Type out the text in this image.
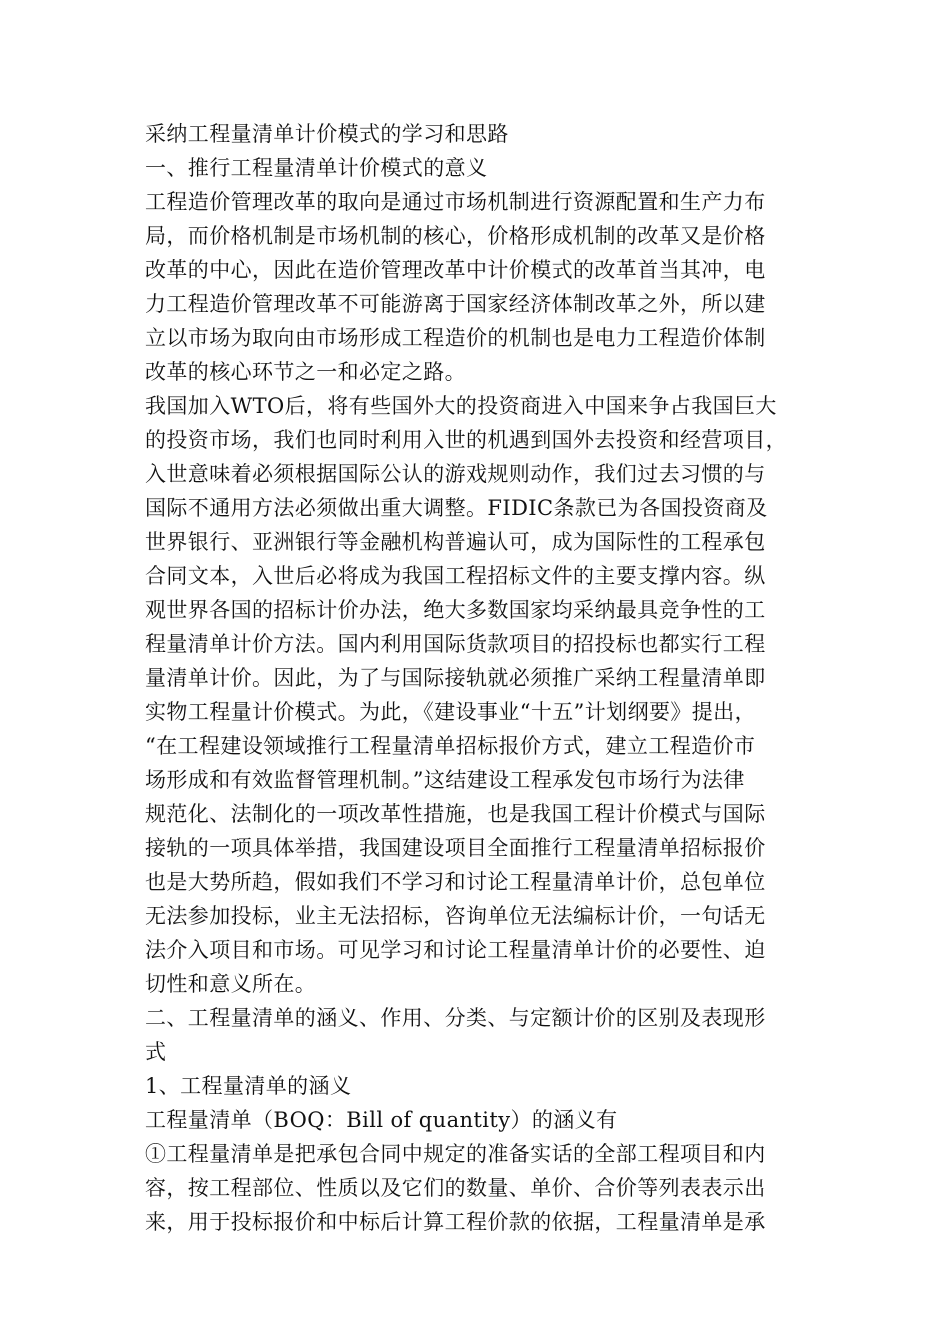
采纳工程量清单计价模式的学习和思路
一、推行工程量清单计价模式的意义
工程造价管理改革的取向是通过市场机制进行资源配置和生产力布
局，而价格机制是市场机制的核心，价格形成机制的改革又是价格
改革的中心，因此在造价管理改革中计价模式的改革首当其冲，电
力工程造价管理改革不可能游离于国家经济体制改革之外，所以建
立以市场为取向由市场形成工程造价的机制也是电力工程造价体制
改革的核心环节之一和必定之路。
我国加入WTO后，将有些国外大的投资商进入中国来争占我国巨大
的投资市场，我们也同时利用入世的机遇到国外去投资和经营项目，
入世意味着必须根据国际公认的游戏规则动作，我们过去习惯的与
国际不通用方法必须做出重大调整。FIDIC条款已为各国投资商及
世界银行、亚洲银行等金融机构普遍认可，成为国际性的工程承包
合同文本，入世后必将成为我国工程招标文件的主要支撑内容。纵
观世界各国的招标计价办法，绝大多数国家均采纳最具竞争性的工
程量清单计价方法。国内利用国际货款项目的招投标也都实行工程
量清单计价。因此，为了与国际接轨就必须推广采纳工程量清单即
实物工程量计价模式。为此，《建设事业“十五”计划纲要》提出，
“在工程建设领域推行工程量清单招标报价方式，建立工程造价市
场形成和有效监督管理机制。”这结建设工程承发包市场行为法律
规范化、法制化的一项改革性措施，也是我国工程计价模式与国际
接轨的一项具体举措，我国建设项目全面推行工程量清单招标报价
也是大势所趋，假如我们不学习和讨论工程量清单计价，总包单位
无法参加投标，业主无法招标，咨询单位无法编标计价，一句话无
法介入项目和市场。可见学习和讨论工程量清单计价的必要性、迫
切性和意义所在。
二、工程量清单的涵义、作用、分类、与定额计价的区别及表现形
式
1、工程量清单的涵义
工程量清单（BOQ：Bill of quantity）的涵义有
①工程量清单是把承包合同中规定的准备实话的全部工程项目和内
容，按工程部位、性质以及它们的数量、单价、合价等列表表示出
来，用于投标报价和中标后计算工程价款的依据，工程量清单是承
